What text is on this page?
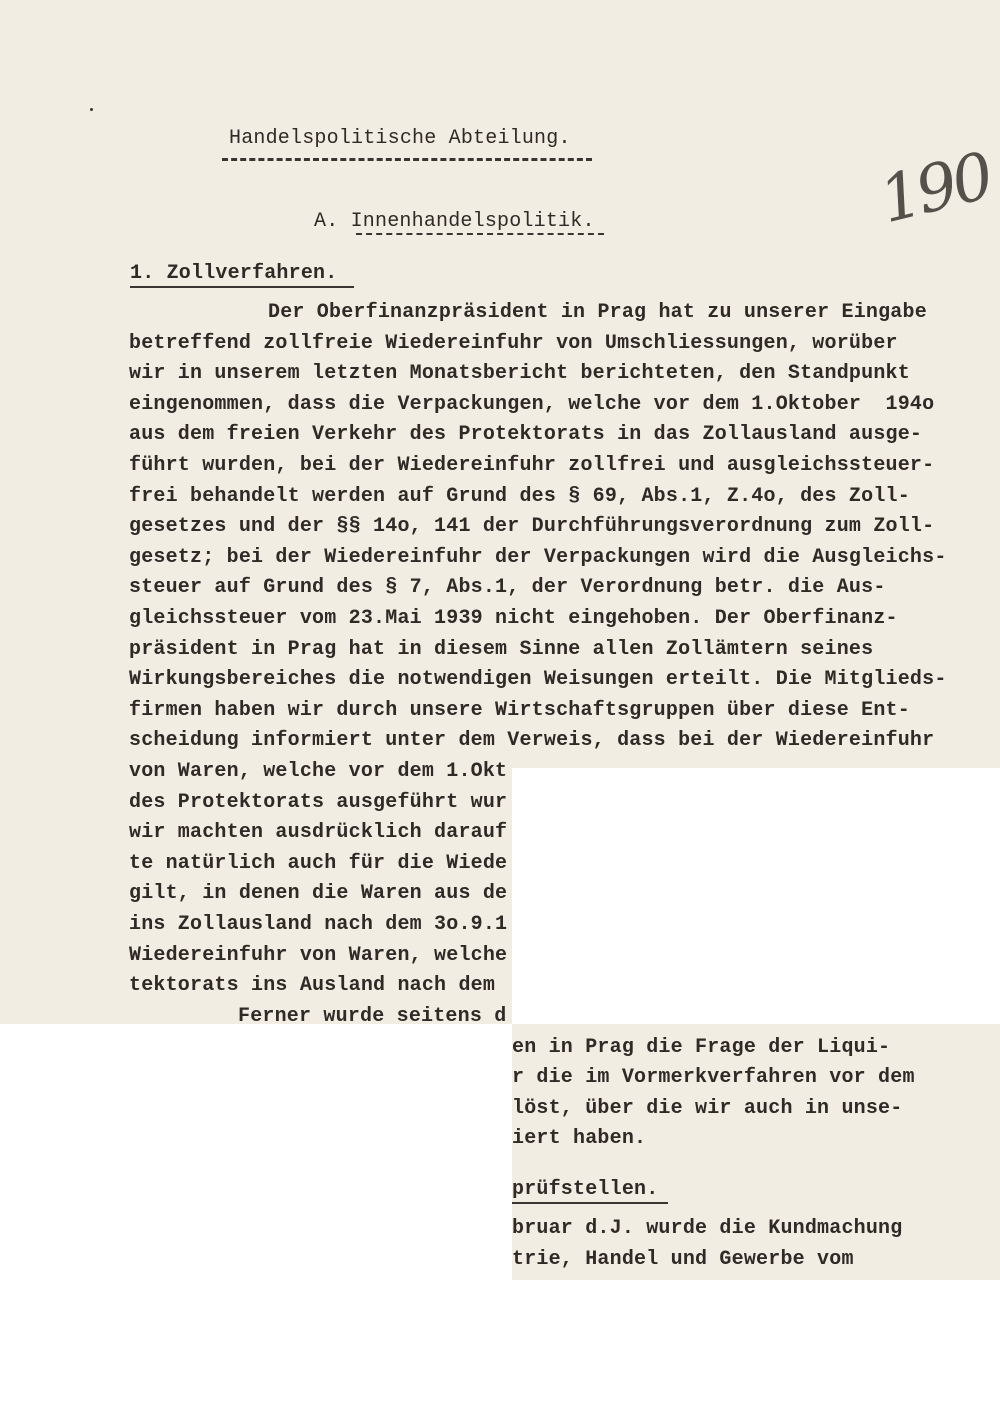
190
Handelspolitische Abteilung.
A. Innenhandelspolitik.
1. Zollverfahren.
Der Oberfinanzpräsident in Prag hat zu unserer Eingabe
betreffend zollfreie Wiedereinfuhr von Umschliessungen, worüber
wir in unserem letzten Monatsbericht berichteten, den Standpunkt
eingenommen, dass die Verpackungen, welche vor dem 1.Oktober  194o
aus dem freien Verkehr des Protektorats in das Zollausland ausge-
führt wurden, bei der Wiedereinfuhr zollfrei und ausgleichssteuer-
frei behandelt werden auf Grund des § 69, Abs.1, Z.4o, des Zoll-
gesetzes und der §§ 14o, 141 der Durchführungsverordnung zum Zoll-
gesetz; bei der Wiedereinfuhr der Verpackungen wird die Ausgleichs-
steuer auf Grund des § 7, Abs.1, der Verordnung betr. die Aus-
gleichssteuer vom 23.Mai 1939 nicht eingehoben. Der Oberfinanz-
präsident in Prag hat in diesem Sinne allen Zollämtern seines
Wirkungsbereiches die notwendigen Weisungen erteilt. Die Mitglieds-
firmen haben wir durch unsere Wirtschaftsgruppen über diese Ent-
scheidung informiert unter dem Verweis, dass bei der Wiedereinfuhr
von Waren, welche vor dem 1.Okt
des Protektorats ausgeführt wur
wir machten ausdrücklich darauf
te natürlich auch für die Wiede
gilt, in denen die Waren aus de
ins Zollausland nach dem 3o.9.1
Wiedereinfuhr von Waren, welche
tektorats ins Ausland nach dem
Ferner wurde seitens d
en in Prag die Frage der Liqui-
r die im Vormerkverfahren vor dem
löst, über die wir auch in unse-
iert haben.
prüfstellen.
bruar d.J. wurde die Kundmachung
trie, Handel und Gewerbe vom
